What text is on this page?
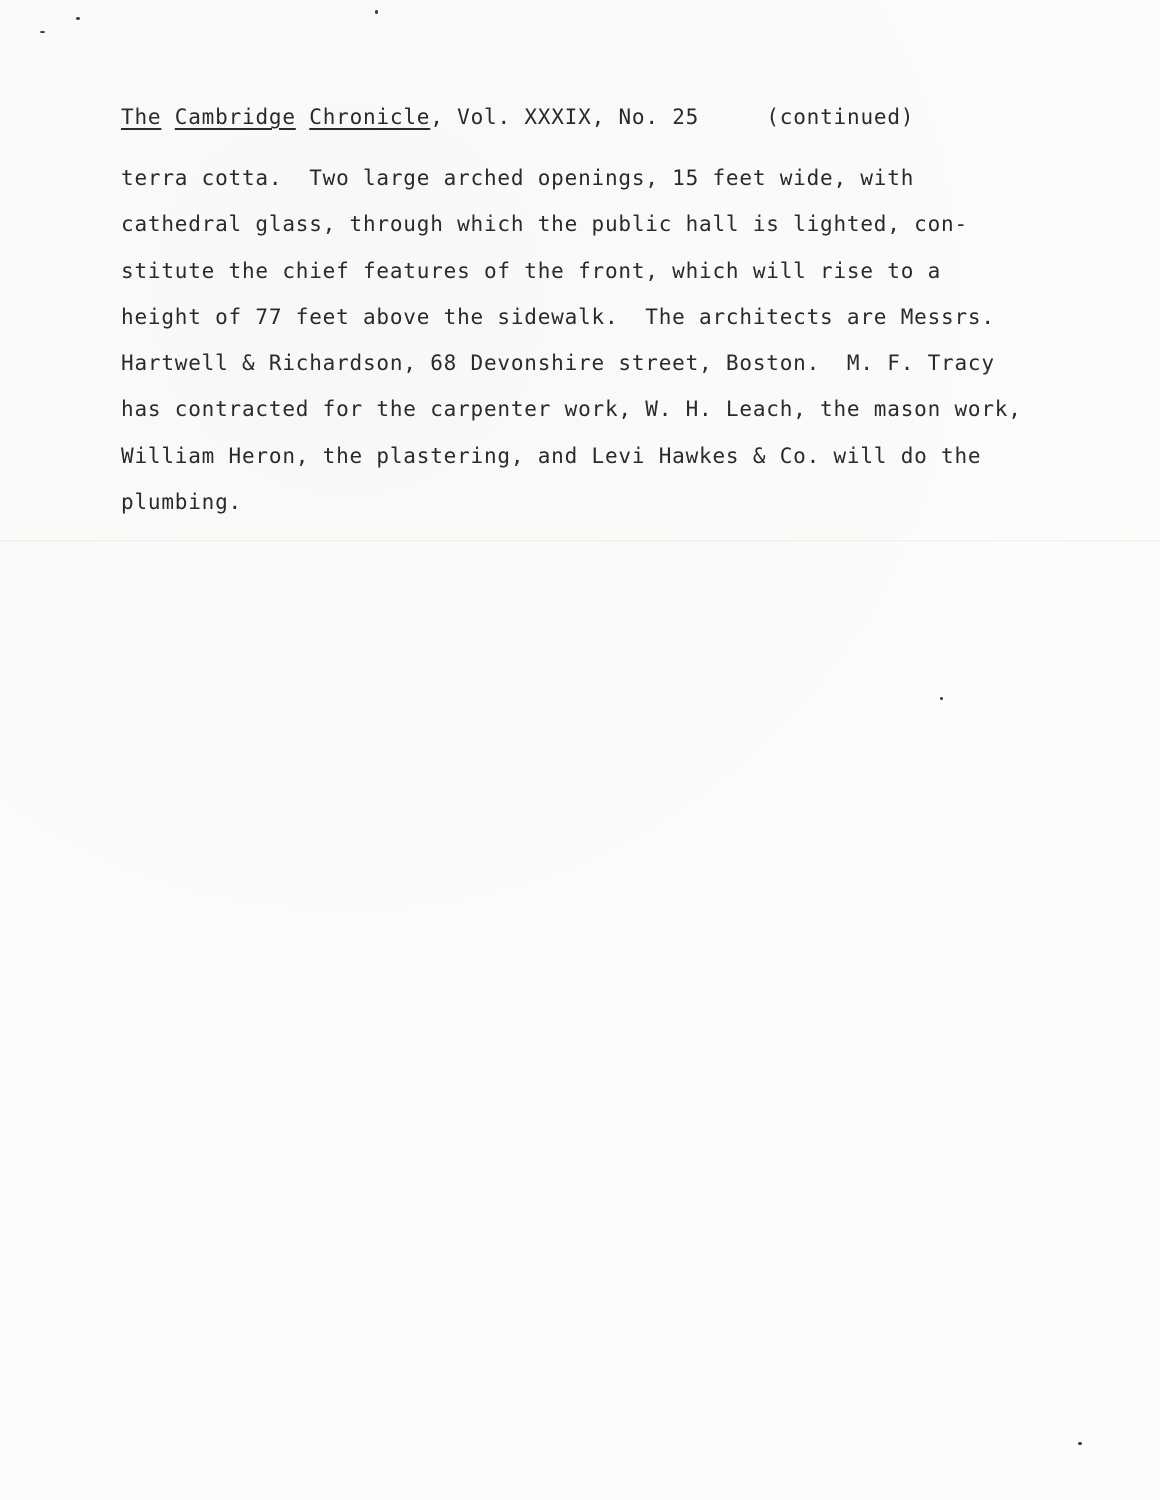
The Cambridge Chronicle, Vol. XXXIX, No. 25	(continued)
terra cotta.  Two large arched openings, 15 feet wide, with
cathedral glass, through which the public hall is lighted, con-
stitute the chief features of the front, which will rise to a
height of 77 feet above the sidewalk.  The architects are Messrs.
Hartwell & Richardson, 68 Devonshire street, Boston.  M. F. Tracy
has contracted for the carpenter work, W. H. Leach, the mason work,
William Heron, the plastering, and Levi Hawkes & Co. will do the
plumbing.
